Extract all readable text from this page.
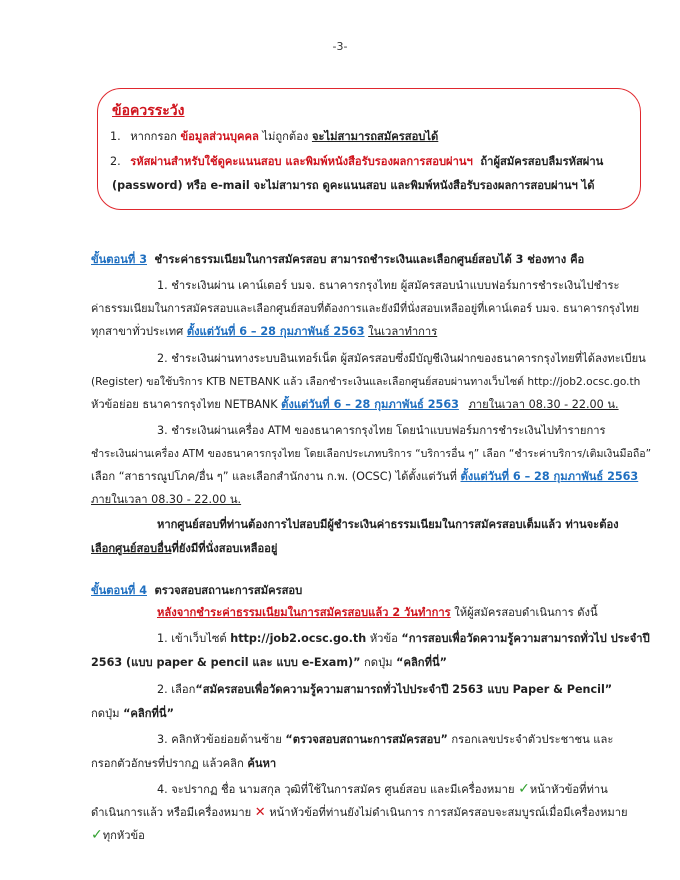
-3-
ข้อควรระวัง
1. หากกรอก ข้อมูลส่วนบุคคล ไม่ถูกต้อง จะไม่สามารถสมัครสอบได้
2. รหัสผ่านสำหรับใช้ดูคะแนนสอบ และพิมพ์หนังสือรับรองผลการสอบผ่านฯ ถ้าผู้สมัครสอบลืมรหัสผ่าน
(password) หรือ e-mail จะไม่สามารถ ดูคะแนนสอบ และพิมพ์หนังสือรับรองผลการสอบผ่านฯ ได้
ขั้นตอนที่ 3 ชำระค่าธรรมเนียมในการสมัครสอบ สามารถชำระเงินและเลือกศูนย์สอบได้ 3 ช่องทาง คือ
1. ชำระเงินผ่าน เคาน์เตอร์ บมจ. ธนาคารกรุงไทย ผู้สมัครสอบนำแบบฟอร์มการชำระเงินไปชำระ
ค่าธรรมเนียมในการสมัครสอบและเลือกศูนย์สอบที่ต้องการและยังมีที่นั่งสอบเหลืออยู่ที่เคาน์เตอร์ บมจ. ธนาคารกรุงไทย
ทุกสาขาทั่วประเทศ ตั้งแต่วันที่ 6 – 28 กุมภาพันธ์ 2563 ในเวลาทำการ
2. ชำระเงินผ่านทางระบบอินเทอร์เน็ต ผู้สมัครสอบซึ่งมีบัญชีเงินฝากของธนาคารกรุงไทยที่ได้ลงทะเบียน
(Register) ขอใช้บริการ KTB NETBANK แล้ว เลือกชำระเงินและเลือกศูนย์สอบผ่านทางเว็บไซต์ http://job2.ocsc.go.th
หัวข้อย่อย ธนาคารกรุงไทย NETBANK ตั้งแต่วันที่ 6 – 28 กุมภาพันธ์ 2563 ภายในเวลา 08.30 - 22.00 น.
3. ชำระเงินผ่านเครื่อง ATM ของธนาคารกรุงไทย โดยนำแบบฟอร์มการชำระเงินไปทำรายการ
ชำระเงินผ่านเครื่อง ATM ของธนาคารกรุงไทย โดยเลือกประเภทบริการ “บริการอื่น ๆ” เลือก “ชำระค่าบริการ/เติมเงินมือถือ”
เลือก “สาธารณูปโภค/อื่น ๆ” และเลือกสำนักงาน ก.พ. (OCSC) ได้ตั้งแต่วันที่ ตั้งแต่วันที่ 6 – 28 กุมภาพันธ์ 2563
ภายในเวลา 08.30 - 22.00 น.
หากศูนย์สอบที่ท่านต้องการไปสอบมีผู้ชำระเงินค่าธรรมเนียมในการสมัครสอบเต็มแล้ว ท่านจะต้อง
เลือกศูนย์สอบอื่นที่ยังมีที่นั่งสอบเหลืออยู่
ขั้นตอนที่ 4 ตรวจสอบสถานะการสมัครสอบ
หลังจากชำระค่าธรรมเนียมในการสมัครสอบแล้ว 2 วันทำการ ให้ผู้สมัครสอบดำเนินการ ดังนี้
1. เข้าเว็บไซต์ http://job2.ocsc.go.th หัวข้อ “การสอบเพื่อวัดความรู้ความสามารถทั่วไป ประจำปี
2563 (แบบ paper & pencil และ แบบ e-Exam)” กดปุ่ม “คลิกที่นี่”
2. เลือก“สมัครสอบเพื่อวัดความรู้ความสามารถทั่วไปประจำปี 2563 แบบ Paper & Pencil”
กดปุ่ม “คลิกที่นี่”
3. คลิกหัวข้อย่อยด้านซ้าย “ตรวจสอบสถานะการสมัครสอบ” กรอกเลขประจำตัวประชาชน และ
กรอกตัวอักษรที่ปรากฏ แล้วคลิก ค้นหา
4. จะปรากฏ ชื่อ นามสกุล วุฒิที่ใช้ในการสมัคร ศูนย์สอบ และมีเครื่องหมาย ✓หน้าหัวข้อที่ท่าน
ดำเนินการแล้ว หรือมีเครื่องหมาย ✕ หน้าหัวข้อที่ท่านยังไม่ดำเนินการ การสมัครสอบจะสมบูรณ์เมื่อมีเครื่องหมาย
✓ทุกหัวข้อ
